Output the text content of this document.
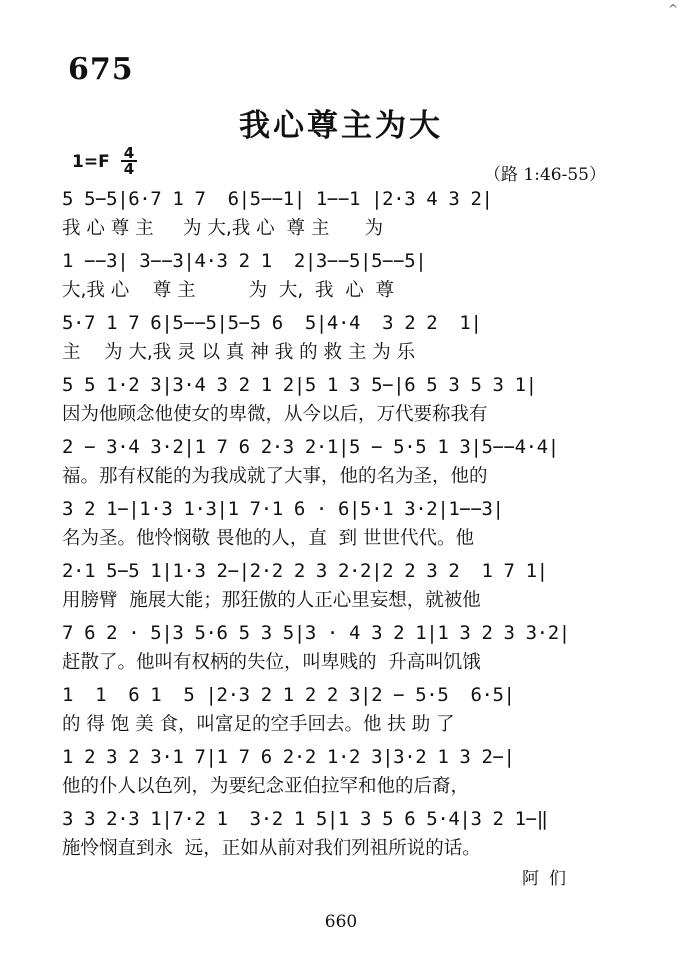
^
675
我心尊主为大
$1=F \frac{4}{4}$	（路 1:46-55）
5 5−5|6·7 1 7  6|5−−1| 1−−1 |2·3 4 3 2|
我 心 尊 主     为 大,我 心  尊 主      为
1 −−3| 3−−3|4·3 2 1  2|3−−5|5−−5|
大,我 心    尊 主         为  大,  我  心  尊
5·7 1 7 6|5−−5|5−5 6  5|4·4  3 2 2  1|
主    为 大,我 灵 以 真 神 我 的 救 主 为 乐
5 5 1·2 3|3·4 3 2 1 2|5 1 3 5−|6 5 3 5 3 1|
因为他顾念他使女的卑微，从今以后，万代要称我有
2 − 3·4 3·2|1 7 6 2·3 2·1|5 − 5·5 1 3|5−−4·4|
福。那有权能的为我成就了大事，他的名为圣，他的
3 2 1−|1·3 1·3|1 7·1 6 · 6|5·1 3·2|1−−3|
名为圣。他怜悯敬 畏他的人，直  到 世世代代。他
2·1 5−5 1|1·3 2−|2·2 2 3 2·2|2 2 3 2  1 7 1|
用膀臂  施展大能；那狂傲的人正心里妄想，就被他
7 6 2 · 5|3 5·6 5 3 5|3 · 4 3 2 1|1 3 2 3 3·2|
赶散了。他叫有权柄的失位，叫卑贱的  升高叫饥饿
1  1  6 1  5 |2·3 2 1 2 2 3|2 − 5·5  6·5|
的 得 饱 美 食，叫富足的空手回去。他 扶 助 了
1 2 3 2 3·1 7|1 7 6 2·2 1·2 3|3·2 1 3 2−|
他的仆人以色列，为要纪念亚伯拉罕和他的后裔，
3 3 2·3 1|7·2 1  3·2 1 5|1 3 5 6 5·4|3 2 1−‖
施怜悯直到永  远，正如从前对我们列祖所说的话。
阿们
660
